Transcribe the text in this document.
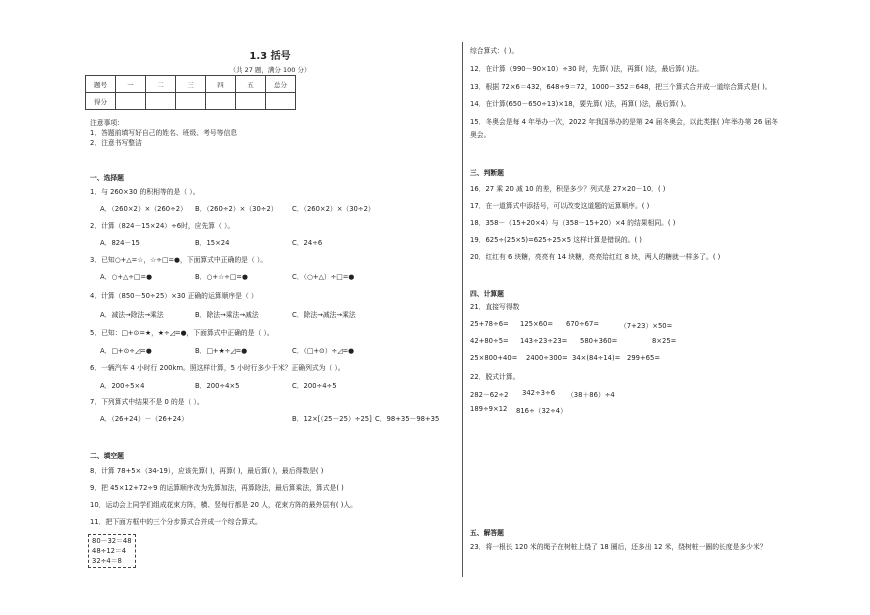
1.3 括号
（共 27 题，满分 100 分）
题号	一	二	三	四	五	总分
得分						
注意事项：
1．答题前填写好自己的姓名、班级、考号等信息
2．注意书写整洁
一、选择题
1．与 260×30 的积相等的是（ ）。
A．（260×2）×（260÷2） B．（260÷2）×（30÷2） C．（260×2）×（30÷2）
2．计算（824－15×24）÷6时，应先算（ ）。
A．824－15	B．15×24	C．24÷6
3．已知○+△=☆，☆÷□=●，下面算式中正确的是（ ）。
A．○+△÷□=●	B．○+☆÷□=●	C．（○+△）÷□=●
4．计算（850－50÷25）×30 正确的运算顺序是（ ）
A．减法→除法→乘法	B．除法→乘法→减法	C．除法→减法→乘法
5．已知：□+⊙=★，★÷◿=●，下面算式中正确的是（ ）。
A．□+⊙÷◿=●	B．□+★÷◿=●	C．（□+⊙）÷◿=●
6．一辆汽车 4 小时行 200km。照这样计算，5 小时行多少千米？正确列式为（ ）。
A．200÷5×4	B．200÷4×5	C．200÷4÷5
7．下列算式中结果不是 0 的是（ ）。
A．（26+24）－（26+24）	B．12×[（25－25）÷25] C．98+35－98+35
二、填空题
8．计算 78+5×（34-19），应该先算( )，再算( )，最后算( )，最后得数是( )
9．把 45×12+72÷9 的运算顺序改为先算加法，再算除法，最后算乘法，算式是( )
10．运动会上同学们组成花束方阵，横、竖每行都是 20 人，花束方阵的最外层有( )人。
11．把下面方框中的三个分步算式合并成一个综合算式。
80－32＝48
48÷12＝4
32÷4＝8
综合算式：( )。
12．在计算（990－90×10）÷30 时，先算( )法，再算( )法，最后算( )法。
13．根据 72×6＝432，648÷9＝72，1000－352＝648，把三个算式合并成一道综合算式是( )。
14．在计算(650－650÷13)×18，要先算( )法，再算( )法，最后算( )。
15．冬奥会是每 4 年举办一次，2022 年我国举办的是第 24 届冬奥会，以此类推( )年举办第 26 届冬
奥会。
三、判断题
16．27 乘 20 减 10 的差，积是多少？列式是 27×20－10．( )
17．在一道算式中添括号，可以改变这道题的运算顺序。( )
18．358－（15+20×4）与（358－15+20）×4 的结果相同。( )
19．625÷(25×5)=625÷25×5 这样计算是错误的。( )
20．红红有 6 块糖，亮亮有 14 块糖，亮亮给红红 8 块，两人的糖就一样多了。( )
四、计算题
21．直接写得数
25+78÷6= 125×60= 670÷67=	（7+23）×50=
42+80÷5= 143÷23÷23= 580+360=	8×25=
25×800+40= 2400÷300= 34×(84÷14)= 299+65=
22．脱式计算。
282－62÷2 342÷3÷6 （38＋86）÷4
189÷9×12 816÷（32÷4）
五、解答题
23．将一根长 120 米的绳子在树桩上绕了 18 圈后，还多出 12 米，绕树桩一圈的长度是多少米？
